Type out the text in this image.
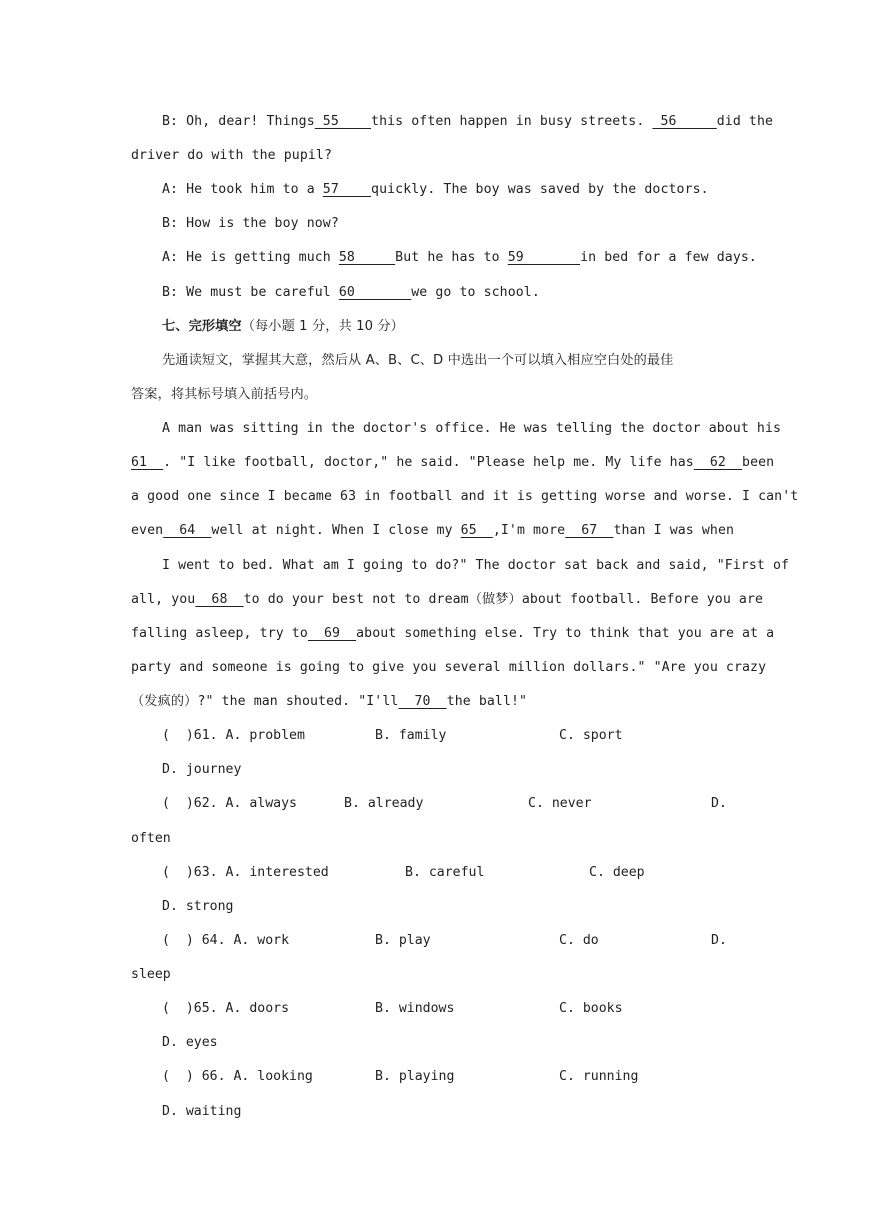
B: Oh, dear! Things 55    this often happen in busy streets.  56     did the
driver do with the pupil?
A: He took him to a 57    quickly. The boy was saved by the doctors.
B: How is the boy now?
A: He is getting much 58     But he has to 59       in bed for a few days.
B: We must be careful 60       we go to school.
七、完形填空（每小题 1 分，共 10 分）
先通读短文，掌握其大意，然后从 A、B、C、D 中选出一个可以填入相应空白处的最佳
答案，将其标号填入前括号内。
A man was sitting in the doctor's office. He was telling the doctor about his
61  . "I like football, doctor," he said. "Please help me. My life has  62  been
a good one since I became 63 in football and it is getting worse and worse. I can't
even  64  well at night. When I close my 65  ,I'm more  67  than I was when
I went to bed. What am I going to do?" The doctor sat back and said, "First of
all, you  68  to do your best not to dream（做梦）about football. Before you are
falling asleep, try to  69  about something else. Try to think that you are at a
party and someone is going to give you several million dollars." "Are you crazy
（发疯的）?" the man shouted. "I'll  70  the ball!"
(  )61. A. problem	B. family	C. sport
D. journey
(  )62. A. always	B. already	C. never	D.
often
(  )63. A. interested	B. careful	C. deep
D. strong
(  ) 64. A. work	B. play	C. do	D.
sleep
(  )65. A. doors	B. windows	C. books
D. eyes
(  ) 66. A. looking	B. playing	C. running
D. waiting
